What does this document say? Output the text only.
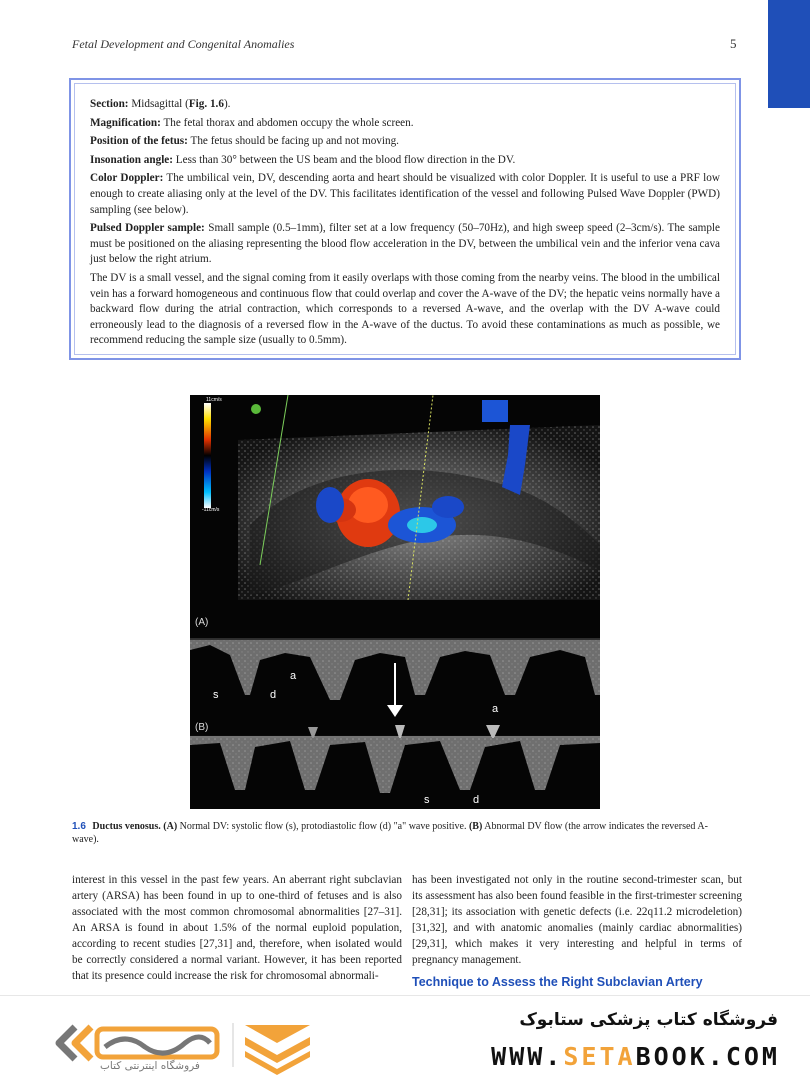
Fetal Development and Congenital Anomalies	5

Section: Midsagittal (Fig. 1.6).

Magnification: The fetal thorax and abdomen occupy the whole screen.

Position of the fetus: The fetus should be facing up and not moving.

Insonation angle: Less than 30° between the US beam and the blood flow direction in the DV.

Color Doppler: The umbilical vein, DV, descending aorta and heart should be visualized with color Doppler. It is useful to use a PRF low enough to create aliasing only at the level of the DV. This facilitates identification of the vessel and following Pulsed Wave Doppler (PWD) sampling (see below).

Pulsed Doppler sample: Small sample (0.5–1mm), filter set at a low frequency (50–70Hz), and high sweep speed (2–3cm/s). The sample must be positioned on the aliasing representing the blood flow acceleration in the DV, between the umbilical vein and the inferior vena cava just below the right atrium.

The DV is a small vessel, and the signal coming from it easily overlaps with those coming from the nearby veins. The blood in the umbilical vein has a forward homogeneous and continuous flow that could overlap and cover the A-wave of the DV; the hepatic veins normally have a backward flow during the atrial contraction, which corresponds to a reversed A-wave, and the overlap with the DV A-wave could erroneously lead to the diagnosis of a reversed flow in the A-wave of the ductus. To avoid these contaminations as much as possible, we recommend reducing the sample size (usually to 0.5mm).

11cm/s
-11cm/s
(A)
s	d
a
a
(B)
s	d
1.6 Ductus venosus. (A) Normal DV: systolic flow (s), protodiastolic flow (d) "a" wave positive. (B) Abnormal DV flow (the arrow indicates the reversed A-wave).
interest in this vessel in the past few years. An aberrant right subclavian artery (ARSA) has been found in up to one-third of fetuses and is also associated with the most common chromosomal abnormalities [27–31]. An ARSA is found in about 1.5% of the normal euploid population, according to recent studies [27,31] and, therefore, when isolated would be correctly considered a normal variant. However, it has been reported that its presence could increase the risk for chromosomal abnormali-
has been investigated not only in the routine second-trimester scan, but its assessment has also been found feasible in the first-trimester screening [28,31]; its association with genetic defects (i.e. 22q11.2 microdeletion) [31,32], and with anatomic anomalies (mainly cardiac abnormalities) [29,31], which makes it very interesting and helpful in terms of pregnancy management.
Technique to Assess the Right Subclavian Artery
فروشگاه اینترنتی کتاب
فروشگاه کتاب پزشکی ستابوک
WWW.SETABOOK.COM
